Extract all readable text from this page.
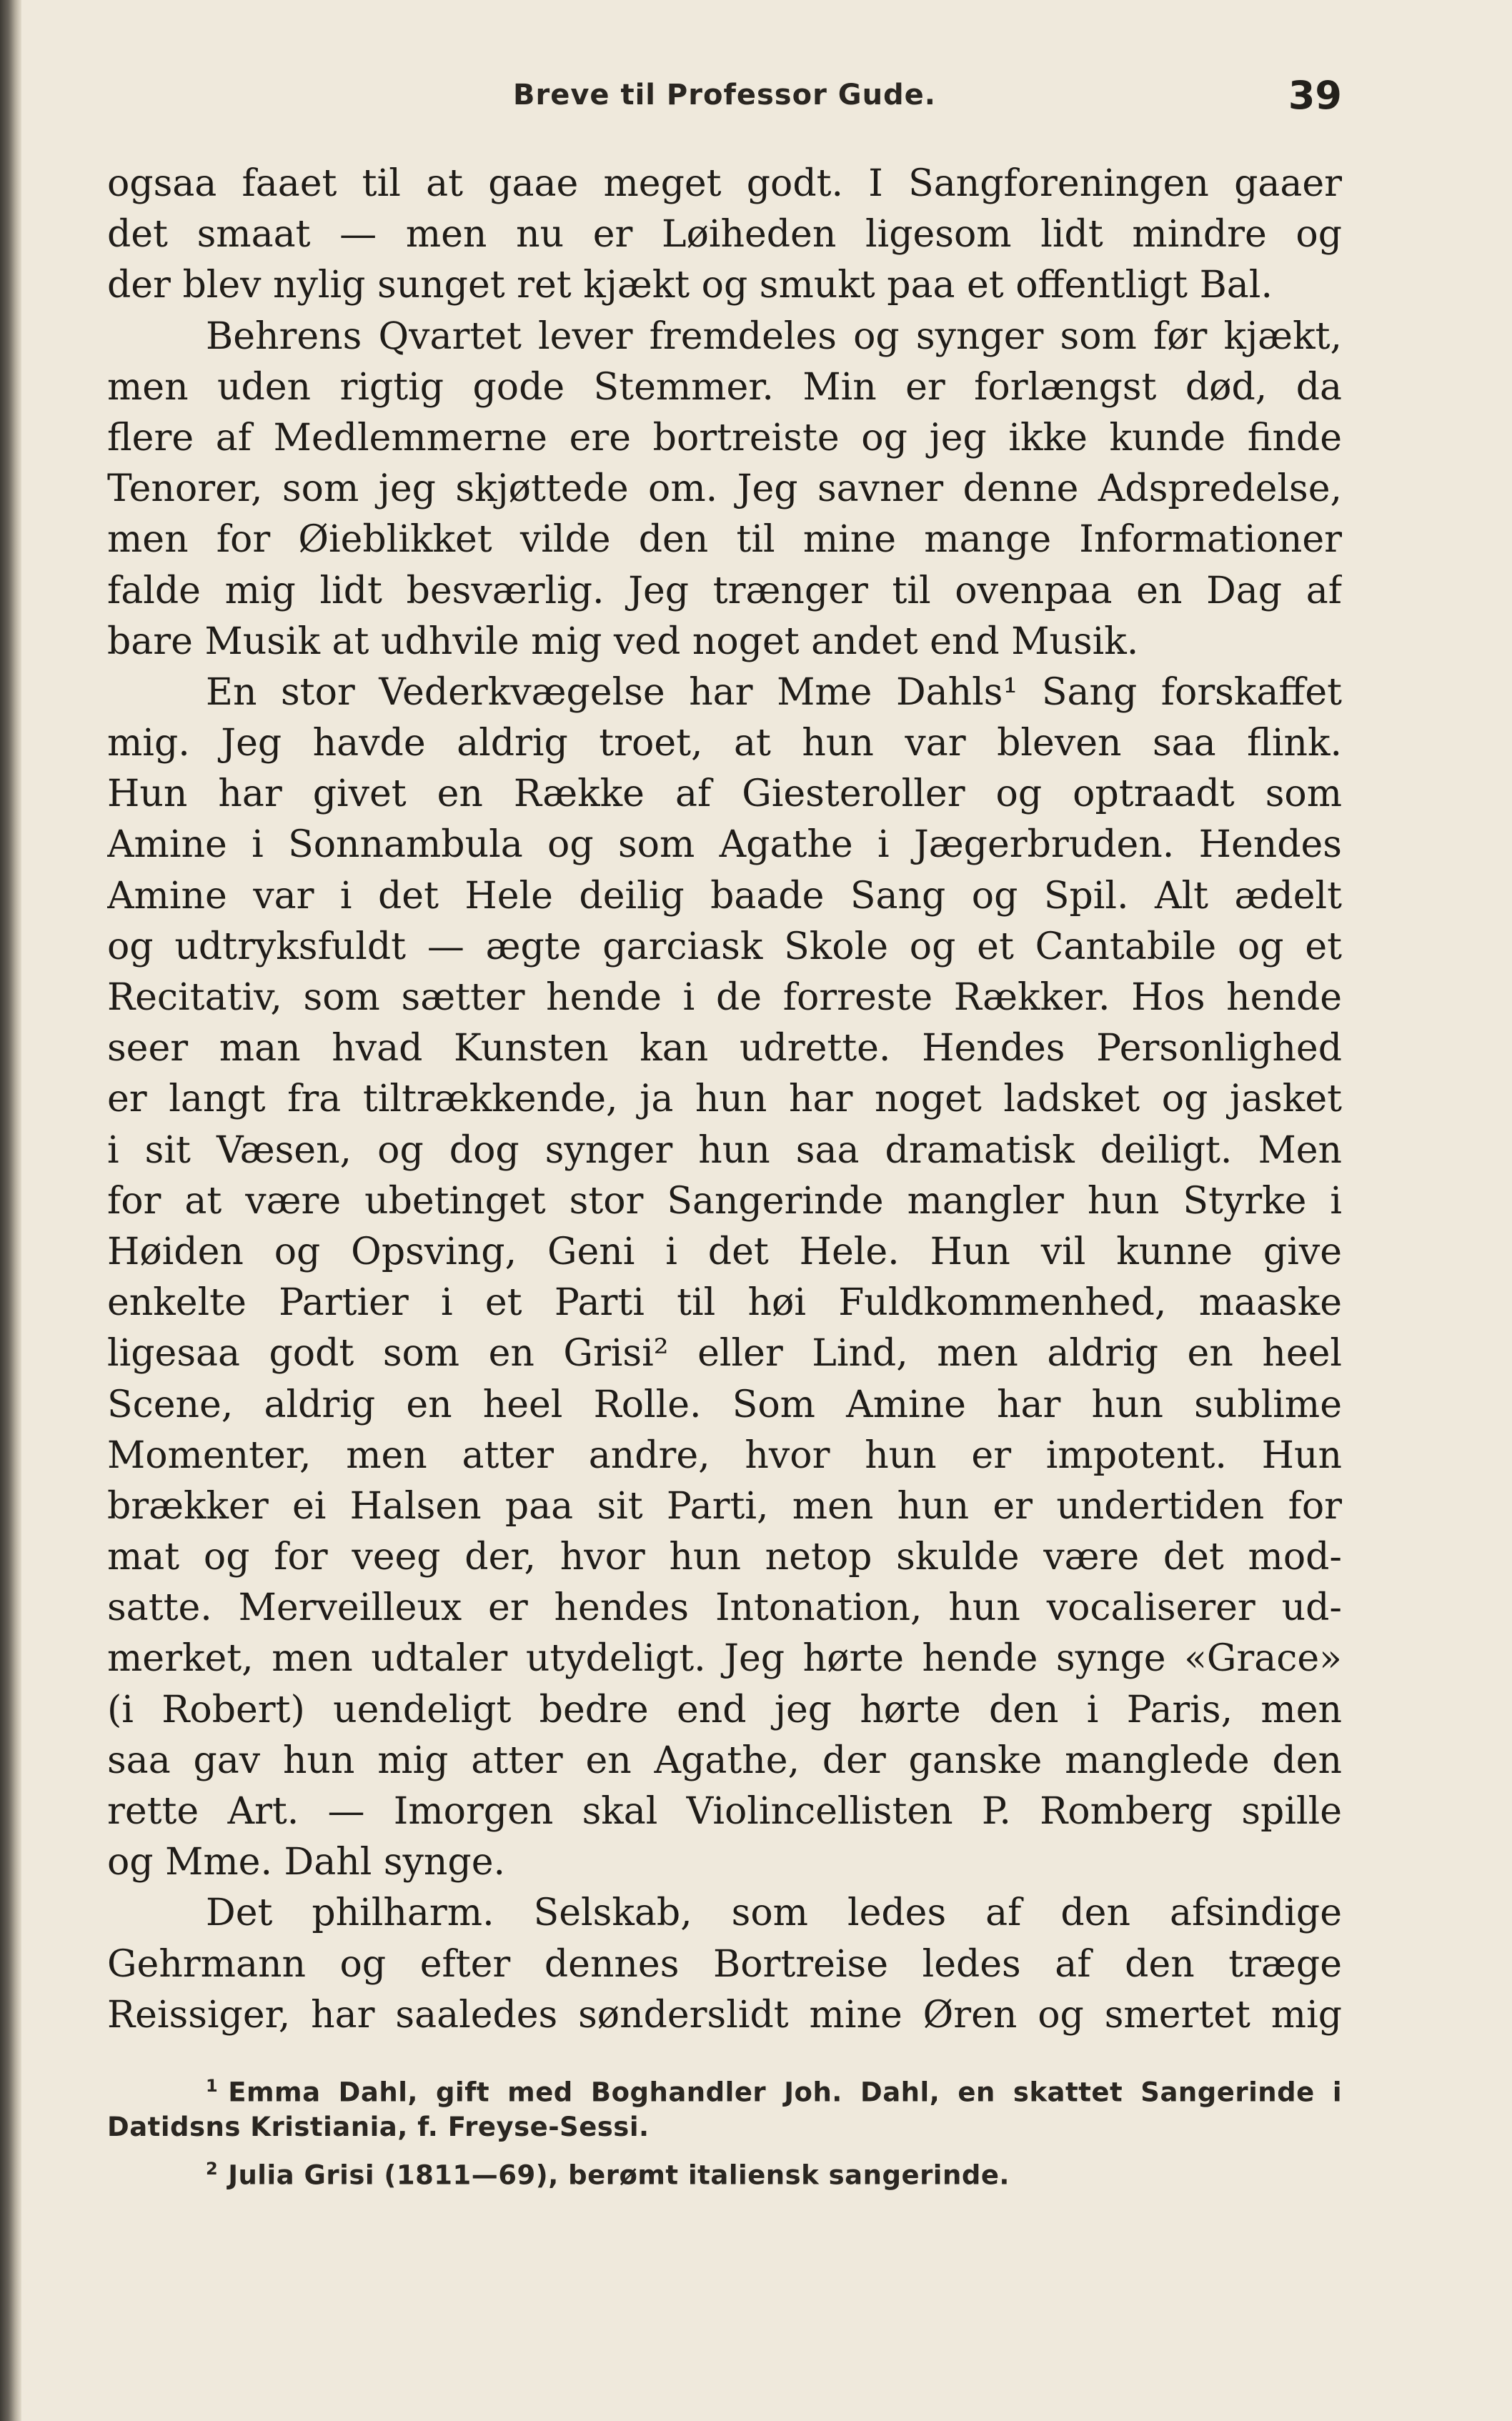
Breve til Professor Gude.	39
ogsaa faaet til at gaae meget godt. I Sangforeningen gaaer
det smaat — men nu er Løiheden ligesom lidt mindre og
der blev nylig sunget ret kjækt og smukt paa et offentligt Bal.
Behrens Qvartet lever fremdeles og synger som før kjækt,
men uden rigtig gode Stemmer. Min er forlængst død, da
flere af Medlemmerne ere bortreiste og jeg ikke kunde finde
Tenorer, som jeg skjøttede om. Jeg savner denne Adspredelse,
men for Øieblikket vilde den til mine mange Informationer
falde mig lidt besværlig. Jeg trænger til ovenpaa en Dag af
bare Musik at udhvile mig ved noget andet end Musik.
En stor Vederkvægelse har Mme Dahls¹ Sang forskaffet
mig. Jeg havde aldrig troet, at hun var bleven saa flink.
Hun har givet en Række af Giesteroller og optraadt som
Amine i Sonnambula og som Agathe i Jægerbruden. Hendes
Amine var i det Hele deilig baade Sang og Spil. Alt ædelt
og udtryksfuldt — ægte garciask Skole og et Cantabile og et
Recitativ, som sætter hende i de forreste Rækker. Hos hende
seer man hvad Kunsten kan udrette. Hendes Personlighed
er langt fra tiltrækkende, ja hun har noget ladsket og jasket
i sit Væsen, og dog synger hun saa dramatisk deiligt. Men
for at være ubetinget stor Sangerinde mangler hun Styrke i
Høiden og Opsving, Geni i det Hele. Hun vil kunne give
enkelte Partier i et Parti til høi Fuldkommenhed, maaske
ligesaa godt som en Grisi² eller Lind, men aldrig en heel
Scene, aldrig en heel Rolle. Som Amine har hun sublime
Momenter, men atter andre, hvor hun er impotent. Hun
brækker ei Halsen paa sit Parti, men hun er undertiden for
mat og for veeg der, hvor hun netop skulde være det mod-
satte. Merveilleux er hendes Intonation, hun vocaliserer ud-
merket, men udtaler utydeligt. Jeg hørte hende synge «Grace»
(i Robert) uendeligt bedre end jeg hørte den i Paris, men
saa gav hun mig atter en Agathe, der ganske manglede den
rette Art. — Imorgen skal Violincellisten P. Romberg spille
og Mme. Dahl synge.
Det philharm. Selskab, som ledes af den afsindige
Gehrmann og efter dennes Bortreise ledes af den træge
Reissiger, har saaledes sønderslidt mine Øren og smertet mig
$^1$ Emma Dahl, gift med Boghandler Joh. Dahl, en skattet Sangerinde i
Datidsns Kristiania, f. Freyse-Sessi.
$^2$ Julia Grisi (1811—69), berømt italiensk sangerinde.
